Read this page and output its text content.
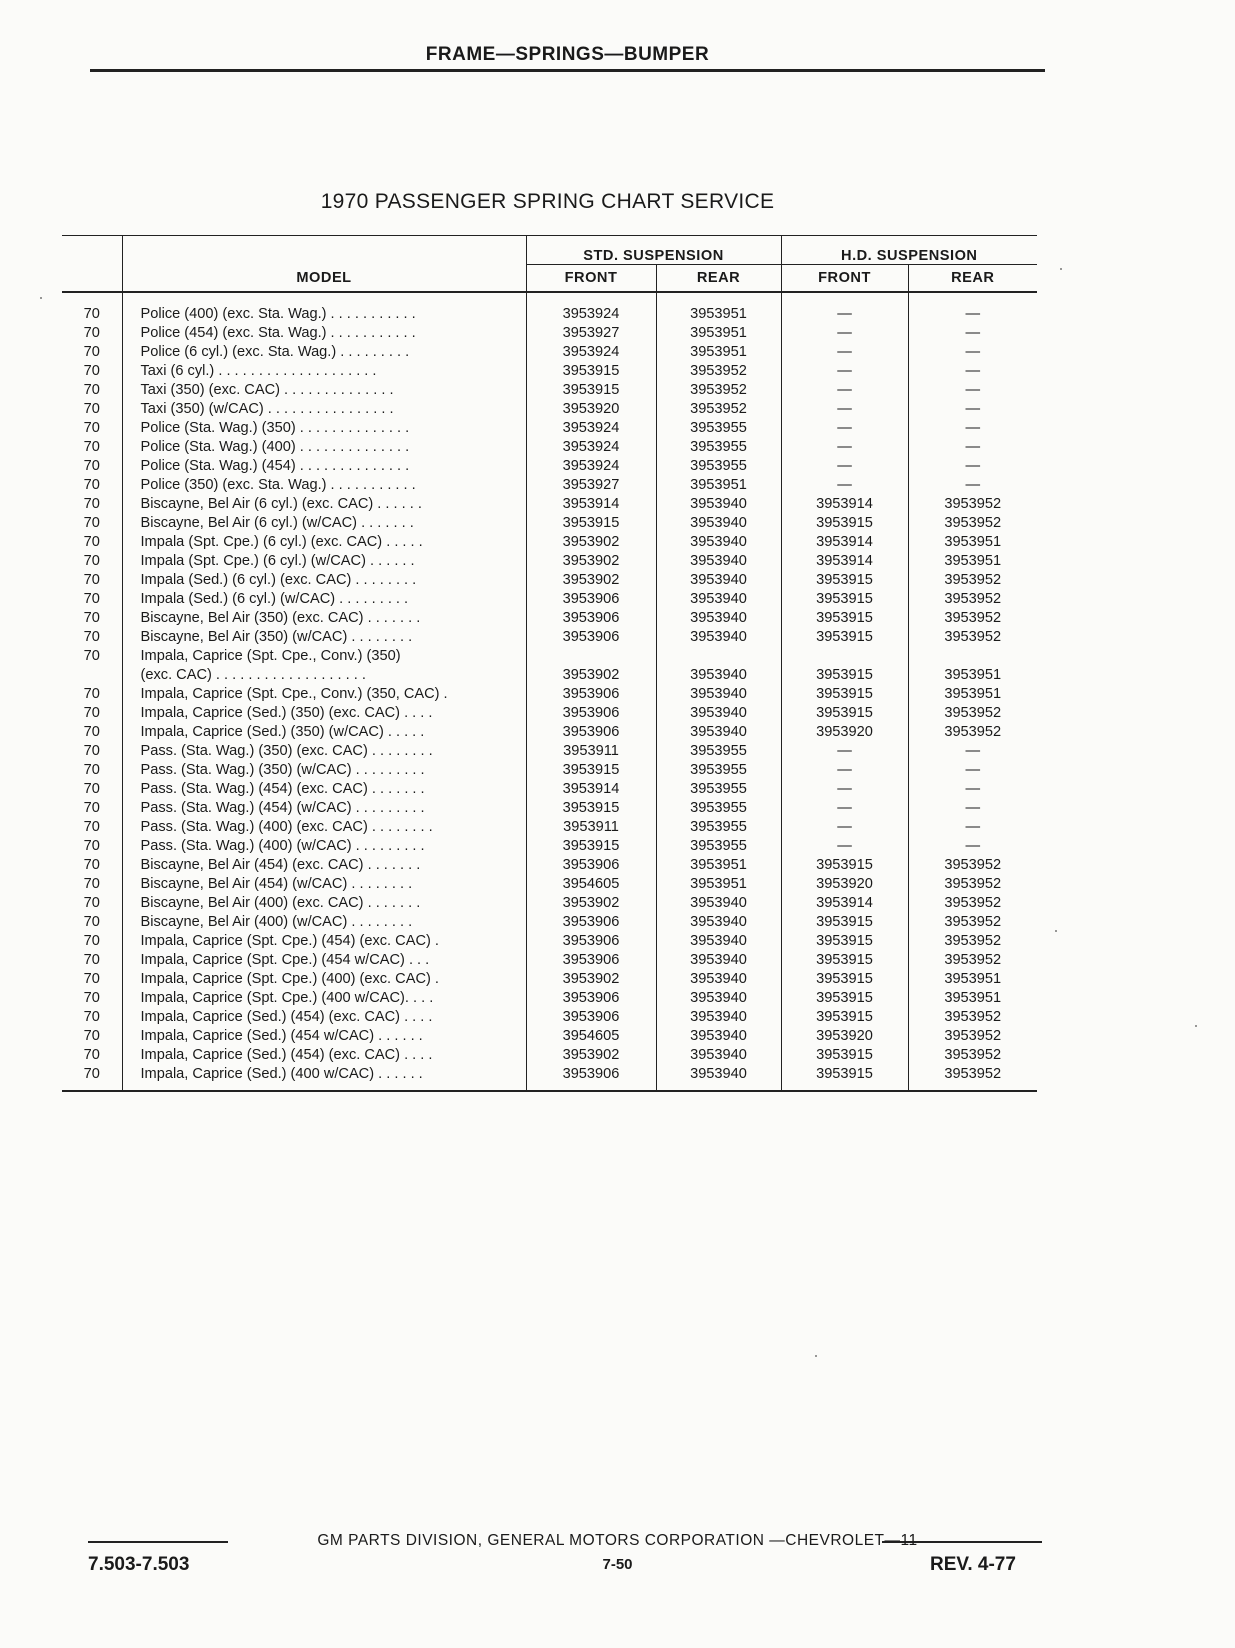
FRAME—SPRINGS—BUMPER
1970 PASSENGER SPRING CHART SERVICE
		STD. SUSPENSION		H.D. SUSPENSION	
	MODEL	FRONT	REAR	FRONT	REAR
70	Police (400) (exc. Sta. Wag.) . . . . . . . . . . .	3953924	3953951	—	—
70	Police (454) (exc. Sta. Wag.) . . . . . . . . . . .	3953927	3953951	—	—
70	Police (6 cyl.) (exc. Sta. Wag.) . . . . . . . . .	3953924	3953951	—	—
70	Taxi (6 cyl.) . . . . . . . . . . . . . . . . . . . .	3953915	3953952	—	—
70	Taxi (350) (exc. CAC) . . . . . . . . . . . . . .	3953915	3953952	—	—
70	Taxi (350) (w/CAC) . . . . . . . . . . . . . . . .	3953920	3953952	—	—
70	Police (Sta. Wag.) (350) . . . . . . . . . . . . . .	3953924	3953955	—	—
70	Police (Sta. Wag.) (400) . . . . . . . . . . . . . .	3953924	3953955	—	—
70	Police (Sta. Wag.) (454) . . . . . . . . . . . . . .	3953924	3953955	—	—
70	Police (350) (exc. Sta. Wag.) . . . . . . . . . . .	3953927	3953951	—	—
70	Biscayne, Bel Air (6 cyl.) (exc. CAC) . . . . . .	3953914	3953940	3953914	3953952
70	Biscayne, Bel Air (6 cyl.) (w/CAC) . . . . . . .	3953915	3953940	3953915	3953952
70	Impala (Spt. Cpe.) (6 cyl.) (exc. CAC) . . . . .	3953902	3953940	3953914	3953951
70	Impala (Spt. Cpe.) (6 cyl.) (w/CAC) . . . . . .	3953902	3953940	3953914	3953951
70	Impala (Sed.) (6 cyl.) (exc. CAC) . . . . . . . .	3953902	3953940	3953915	3953952
70	Impala (Sed.) (6 cyl.) (w/CAC) . . . . . . . . .	3953906	3953940	3953915	3953952
70	Biscayne, Bel Air (350) (exc. CAC) . . . . . . .	3953906	3953940	3953915	3953952
70	Biscayne, Bel Air (350) (w/CAC) . . . . . . . .	3953906	3953940	3953915	3953952
70	Impala, Caprice (Spt. Cpe., Conv.) (350)				
	(exc. CAC) . . . . . . . . . . . . . . . . . . .	3953902	3953940	3953915	3953951
70	Impala, Caprice (Spt. Cpe., Conv.) (350, CAC) .	3953906	3953940	3953915	3953951
70	Impala, Caprice (Sed.) (350) (exc. CAC) . . . .	3953906	3953940	3953915	3953952
70	Impala, Caprice (Sed.) (350) (w/CAC) . . . . .	3953906	3953940	3953920	3953952
70	Pass. (Sta. Wag.) (350) (exc. CAC) . . . . . . . .	3953911	3953955	—	—
70	Pass. (Sta. Wag.) (350) (w/CAC) . . . . . . . . .	3953915	3953955	—	—
70	Pass. (Sta. Wag.) (454) (exc. CAC) . . . . . . .	3953914	3953955	—	—
70	Pass. (Sta. Wag.) (454) (w/CAC) . . . . . . . . .	3953915	3953955	—	—
70	Pass. (Sta. Wag.) (400) (exc. CAC) . . . . . . . .	3953911	3953955	—	—
70	Pass. (Sta. Wag.) (400) (w/CAC) . . . . . . . . .	3953915	3953955	—	—
70	Biscayne, Bel Air (454) (exc. CAC) . . . . . . .	3953906	3953951	3953915	3953952
70	Biscayne, Bel Air (454) (w/CAC) . . . . . . . .	3954605	3953951	3953920	3953952
70	Biscayne, Bel Air (400) (exc. CAC) . . . . . . .	3953902	3953940	3953914	3953952
70	Biscayne, Bel Air (400) (w/CAC) . . . . . . . .	3953906	3953940	3953915	3953952
70	Impala, Caprice (Spt. Cpe.) (454) (exc. CAC) .	3953906	3953940	3953915	3953952
70	Impala, Caprice (Spt. Cpe.) (454 w/CAC) . . .	3953906	3953940	3953915	3953952
70	Impala, Caprice (Spt. Cpe.) (400) (exc. CAC) .	3953902	3953940	3953915	3953951
70	Impala, Caprice (Spt. Cpe.) (400 w/CAC). . . .	3953906	3953940	3953915	3953951
70	Impala, Caprice (Sed.) (454) (exc. CAC) . . . .	3953906	3953940	3953915	3953952
70	Impala, Caprice (Sed.) (454 w/CAC) . . . . . .	3954605	3953940	3953920	3953952
70	Impala, Caprice (Sed.) (454) (exc. CAC) . . . .	3953902	3953940	3953915	3953952
70	Impala, Caprice (Sed.) (400 w/CAC) . . . . . .	3953906	3953940	3953915	3953952
7.503-7.503
GM PARTS DIVISION, GENERAL MOTORS CORPORATION —CHEVROLET—11
7-50	REV. 4-77
